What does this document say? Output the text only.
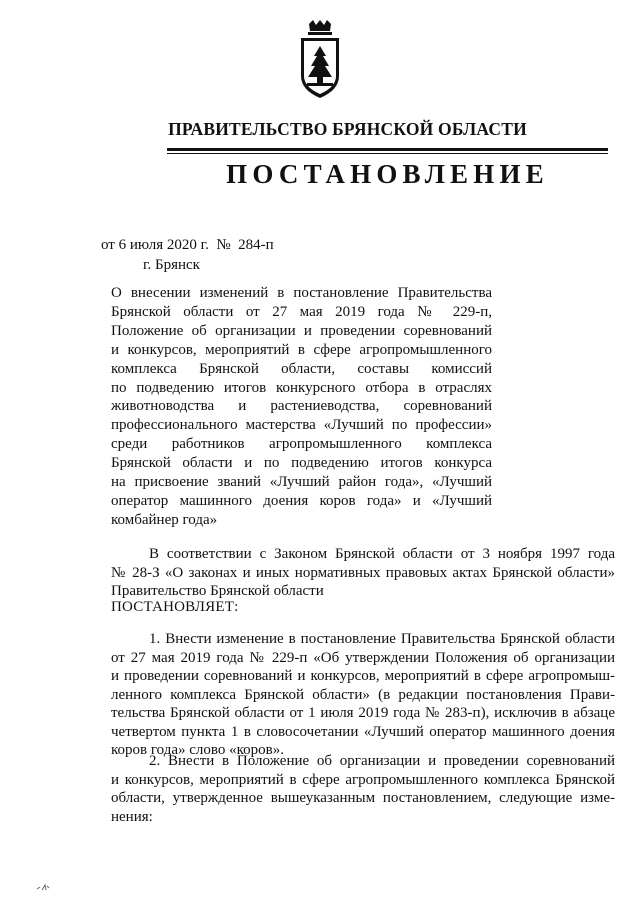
ПРАВИТЕЛЬСТВО БРЯНСКОЙ ОБЛАСТИ
ПОСТАНОВЛЕНИЕ
от 6 июля 2020 г.  №  284-п
г. Брянск
О внесении изменений в постановление Правительства
Брянской области от 27 мая 2019 года № 229-п,
Положение об организации и проведении соревнований
и конкурсов, мероприятий в сфере агропромышленного
комплекса Брянской области, составы комиссий
по подведению итогов конкурсного отбора в отраслях
животноводства и растениеводства, соревнований
профессионального мастерства «Лучший по профессии»
среди работников агропромышленного комплекса
Брянской области и по подведению итогов конкурса
на присвоение званий «Лучший район года», «Лучший
оператор машинного доения коров года» и «Лучший
комбайнер года»
В соответствии с Законом Брянской области от 3 ноября 1997 года
№ 28-З «О законах и иных нормативных правовых актах Брянской области»
Правительство Брянской области
ПОСТАНОВЛЯЕТ:
1. Внести изменение в постановление Правительства Брянской области
от 27 мая 2019 года № 229-п «Об утверждении Положения об организации
и проведении соревнований и конкурсов, мероприятий в сфере агропромыш-
ленного комплекса Брянской области» (в редакции постановления Прави-
тельства Брянской области от 1 июля 2019 года № 283-п), исключив в абзаце
четвертом пункта 1 в словосочетании «Лучший оператор машинного доения
коров года» слово «коров».
2. Внести в Положение об организации и проведении соревнований
и конкурсов, мероприятий в сфере агропромышленного комплекса Брянской
области, утвержденное вышеуказанным постановлением, следующие изме-
нения:
